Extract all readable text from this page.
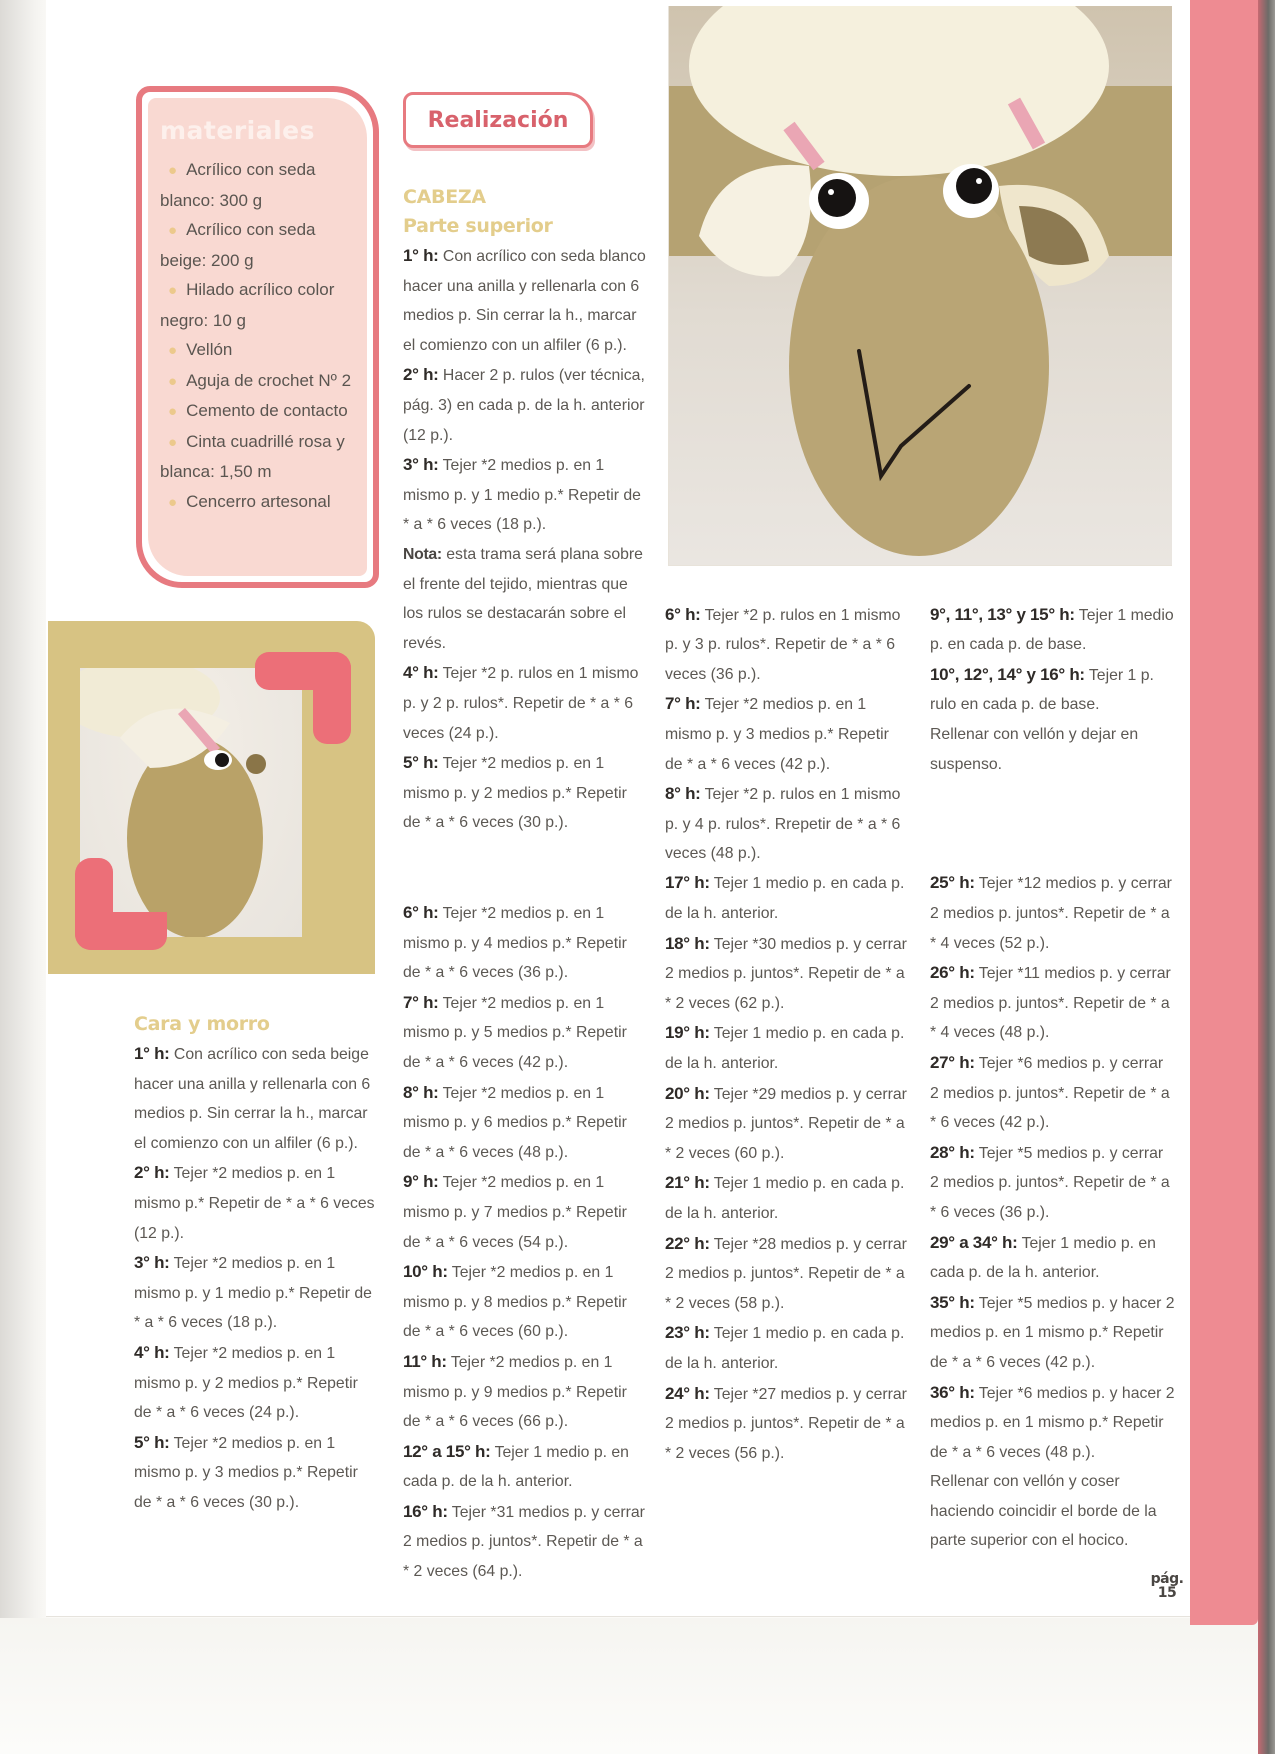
materiales
● Acrílico con seda blanco: 300 g
● Acrílico con seda beige: 200 g
● Hilado acrílico color negro: 10 g
● Vellón
● Aguja de crochet Nº 2
● Cemento de contacto
● Cinta cuadrillé rosa y blanca: 1,50 m
● Cencerro artesonal
Realización
CABEZA
Parte superior

1° h: Con acrílico con seda blanco hacer una anilla y rellenarla con 6 medios p. Sin cerrar la h., marcar el comienzo con un alfiler (6 p.).

2° h: Hacer 2 p. rulos (ver técnica, pág. 3) en cada p. de la h. anterior (12 p.).

3° h: Tejer *2 medios p. en 1 mismo p. y 1 medio p.* Repetir de * a * 6 veces (18 p.).

Nota: esta trama será plana sobre el frente del tejido, mientras que los rulos se destacarán sobre el revés.

4° h: Tejer *2 p. rulos en 1 mismo p. y 2 p. rulos*. Repetir de * a * 6 veces (24 p.).

5° h: Tejer *2 medios p. en 1 mismo p. y 2 medios p.* Repetir de * a * 6 veces (30 p.).

6° h: Tejer *2 p. rulos en 1 mismo p. y 3 p. rulos*. Repetir de * a * 6 veces (36 p.).

7° h: Tejer *2 medios p. en 1 mismo p. y 3 medios p.* Repetir de * a * 6 veces (42 p.).

8° h: Tejer *2 p. rulos en 1 mismo p. y 4 p. rulos*. Rrepetir de * a * 6 veces (48 p.).

9°, 11°, 13° y 15° h: Tejer 1 medio p. en cada p. de base.

10°, 12°, 14° y 16° h: Tejer 1 p. rulo en cada p. de base.

Rellenar con vellón y dejar en suspenso.

Cara y morro

1° h: Con acrílico con seda beige hacer una anilla y rellenarla con 6 medios p. Sin cerrar la h., marcar el comienzo con un alfiler (6 p.).

2° h: Tejer *2 medios p. en 1 mismo p.* Repetir de * a * 6 veces (12 p.).

3° h: Tejer *2 medios p. en 1 mismo p. y 1 medio p.* Repetir de * a * 6 veces (18 p.).

4° h: Tejer *2 medios p. en 1 mismo p. y 2 medios p.* Repetir de * a * 6 veces (24 p.).

5° h: Tejer *2 medios p. en 1 mismo p. y 3 medios p.* Repetir de * a * 6 veces (30 p.).

6° h: Tejer *2 medios p. en 1 mismo p. y 4 medios p.* Repetir de * a * 6 veces (36 p.).

7° h: Tejer *2 medios p. en 1 mismo p. y 5 medios p.* Repetir de * a * 6 veces (42 p.).

8° h: Tejer *2 medios p. en 1 mismo p. y 6 medios p.* Repetir de * a * 6 veces (48 p.).

9° h: Tejer *2 medios p. en 1 mismo p. y 7 medios p.* Repetir de * a * 6 veces (54 p.).

10° h: Tejer *2 medios p. en 1 mismo p. y 8 medios p.* Repetir de * a * 6 veces (60 p.).

11° h: Tejer *2 medios p. en 1 mismo p. y 9 medios p.* Repetir de * a * 6 veces (66 p.).

12° a 15° h: Tejer 1 medio p. en cada p. de la h. anterior.

16° h: Tejer *31 medios p. y cerrar 2 medios p. juntos*. Repetir de * a * 2 veces (64 p.).

17° h: Tejer 1 medio p. en cada p. de la h. anterior.

18° h: Tejer *30 medios p. y cerrar 2 medios p. juntos*. Repetir de * a * 2 veces (62 p.).

19° h: Tejer 1 medio p. en cada p. de la h. anterior.

20° h: Tejer *29 medios p. y cerrar 2 medios p. juntos*. Repetir de * a * 2 veces (60 p.).

21° h: Tejer 1 medio p. en cada p. de la h. anterior.

22° h: Tejer *28 medios p. y cerrar 2 medios p. juntos*. Repetir de * a * 2 veces (58 p.).

23° h: Tejer 1 medio p. en cada p. de la h. anterior.

24° h: Tejer *27 medios p. y cerrar 2 medios p. juntos*. Repetir de * a * 2 veces (56 p.).

25° h: Tejer *12 medios p. y cerrar 2 medios p. juntos*. Repetir de * a * 4 veces (52 p.).

26° h: Tejer *11 medios p. y cerrar 2 medios p. juntos*. Repetir de * a * 4 veces (48 p.).

27° h: Tejer *6 medios p. y cerrar 2 medios p. juntos*. Repetir de * a * 6 veces (42 p.).

28° h: Tejer *5 medios p. y cerrar 2 medios p. juntos*. Repetir de * a * 6 veces (36 p.).

29° a 34° h: Tejer 1 medio p. en cada p. de la h. anterior.

35° h: Tejer *5 medios p. y hacer 2 medios p. en 1 mismo p.* Repetir de * a * 6 veces (42 p.).

36° h: Tejer *6 medios p. y hacer 2 medios p. en 1 mismo p.* Repetir de * a * 6 veces (48 p.).

Rellenar con vellón y coser haciendo coincidir el borde de la parte superior con el hocico.

pág.
15
